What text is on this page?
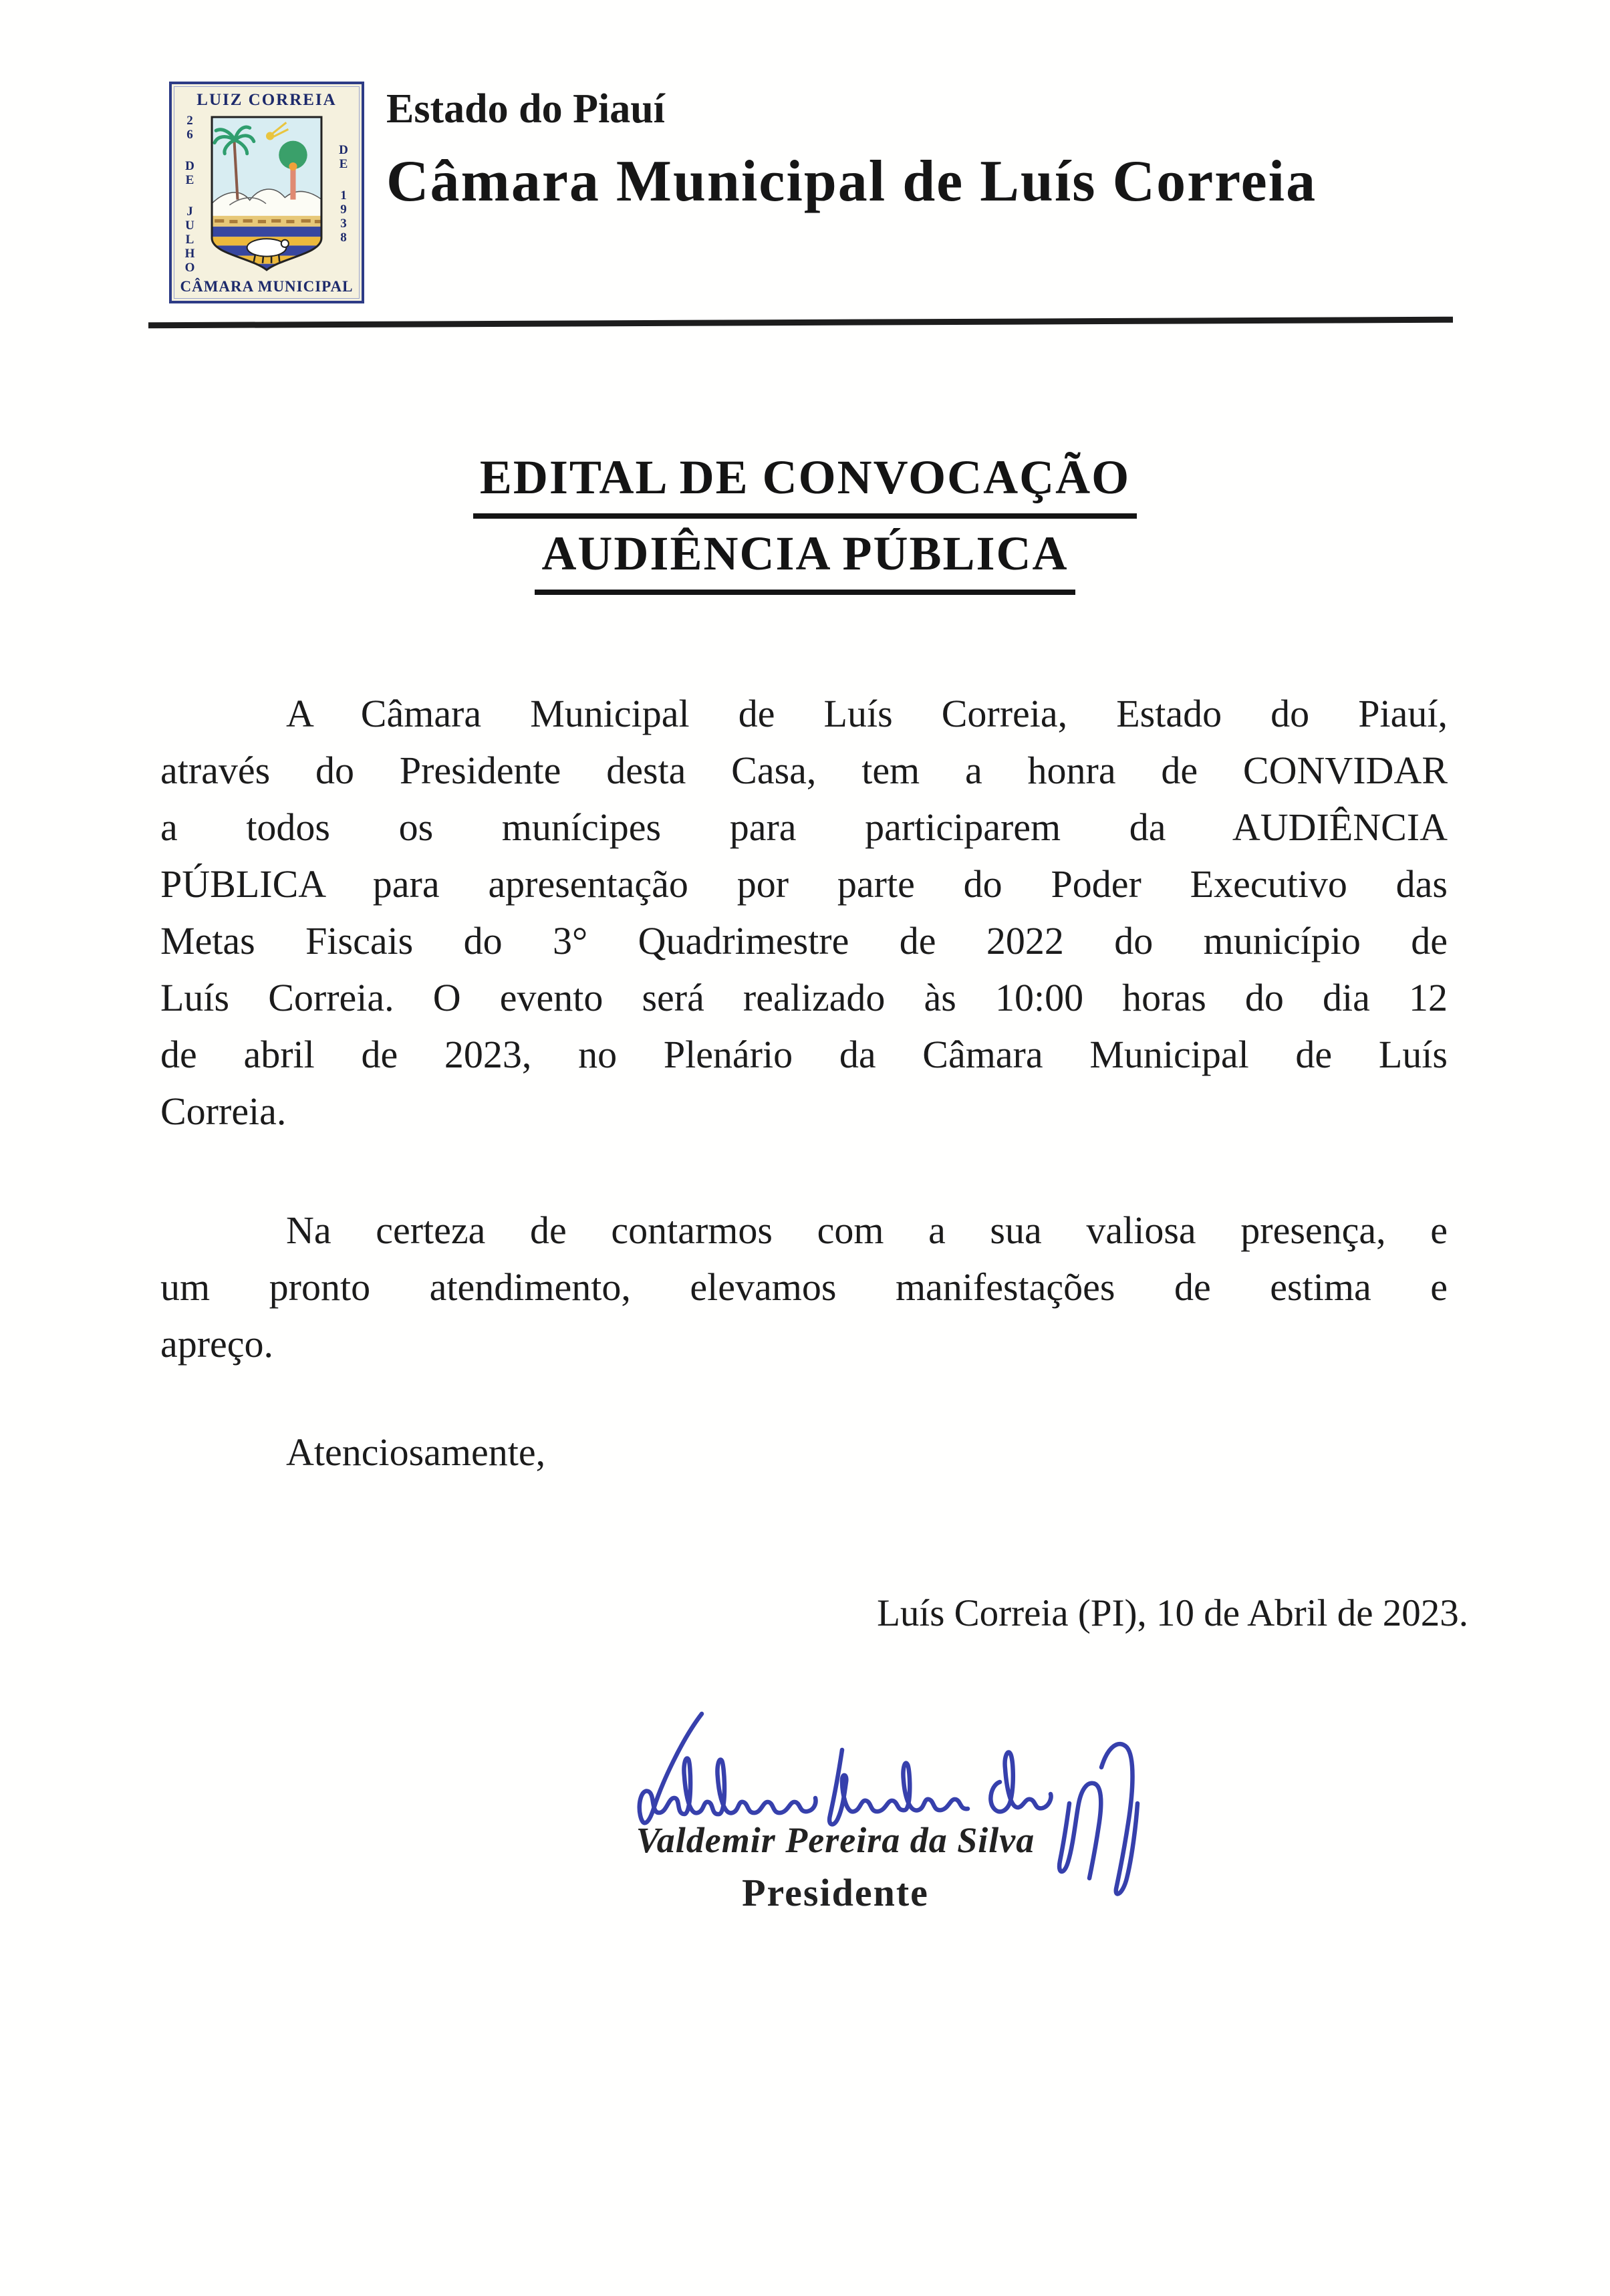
LUIZ CORREIA
2
6
D
E
J
U
L
H
O
D
E
1
9
3
8
CÂMARA MUNICIPAL
Estado do Piauí
Câmara Municipal de Luís Correia
EDITAL DE CONVOCAÇÃO
AUDIÊNCIA PÚBLICA
A Câmara Municipal de Luís Correia, Estado do Piauí,
através do Presidente desta Casa, tem a honra de CONVIDAR
a todos os munícipes para participarem da AUDIÊNCIA
PÚBLICA para apresentação por parte do Poder Executivo das
Metas Fiscais do 3° Quadrimestre de 2022 do município de
Luís Correia. O evento será realizado às 10:00 horas do dia 12
de abril de 2023, no Plenário da Câmara Municipal de Luís
Correia.
Na certeza de contarmos com a sua valiosa presença, e
um pronto atendimento, elevamos manifestações de estima e
apreço.
Atenciosamente,
Luís Correia (PI), 10 de Abril de 2023.
Valdemir Pereira da Silva
Presidente
